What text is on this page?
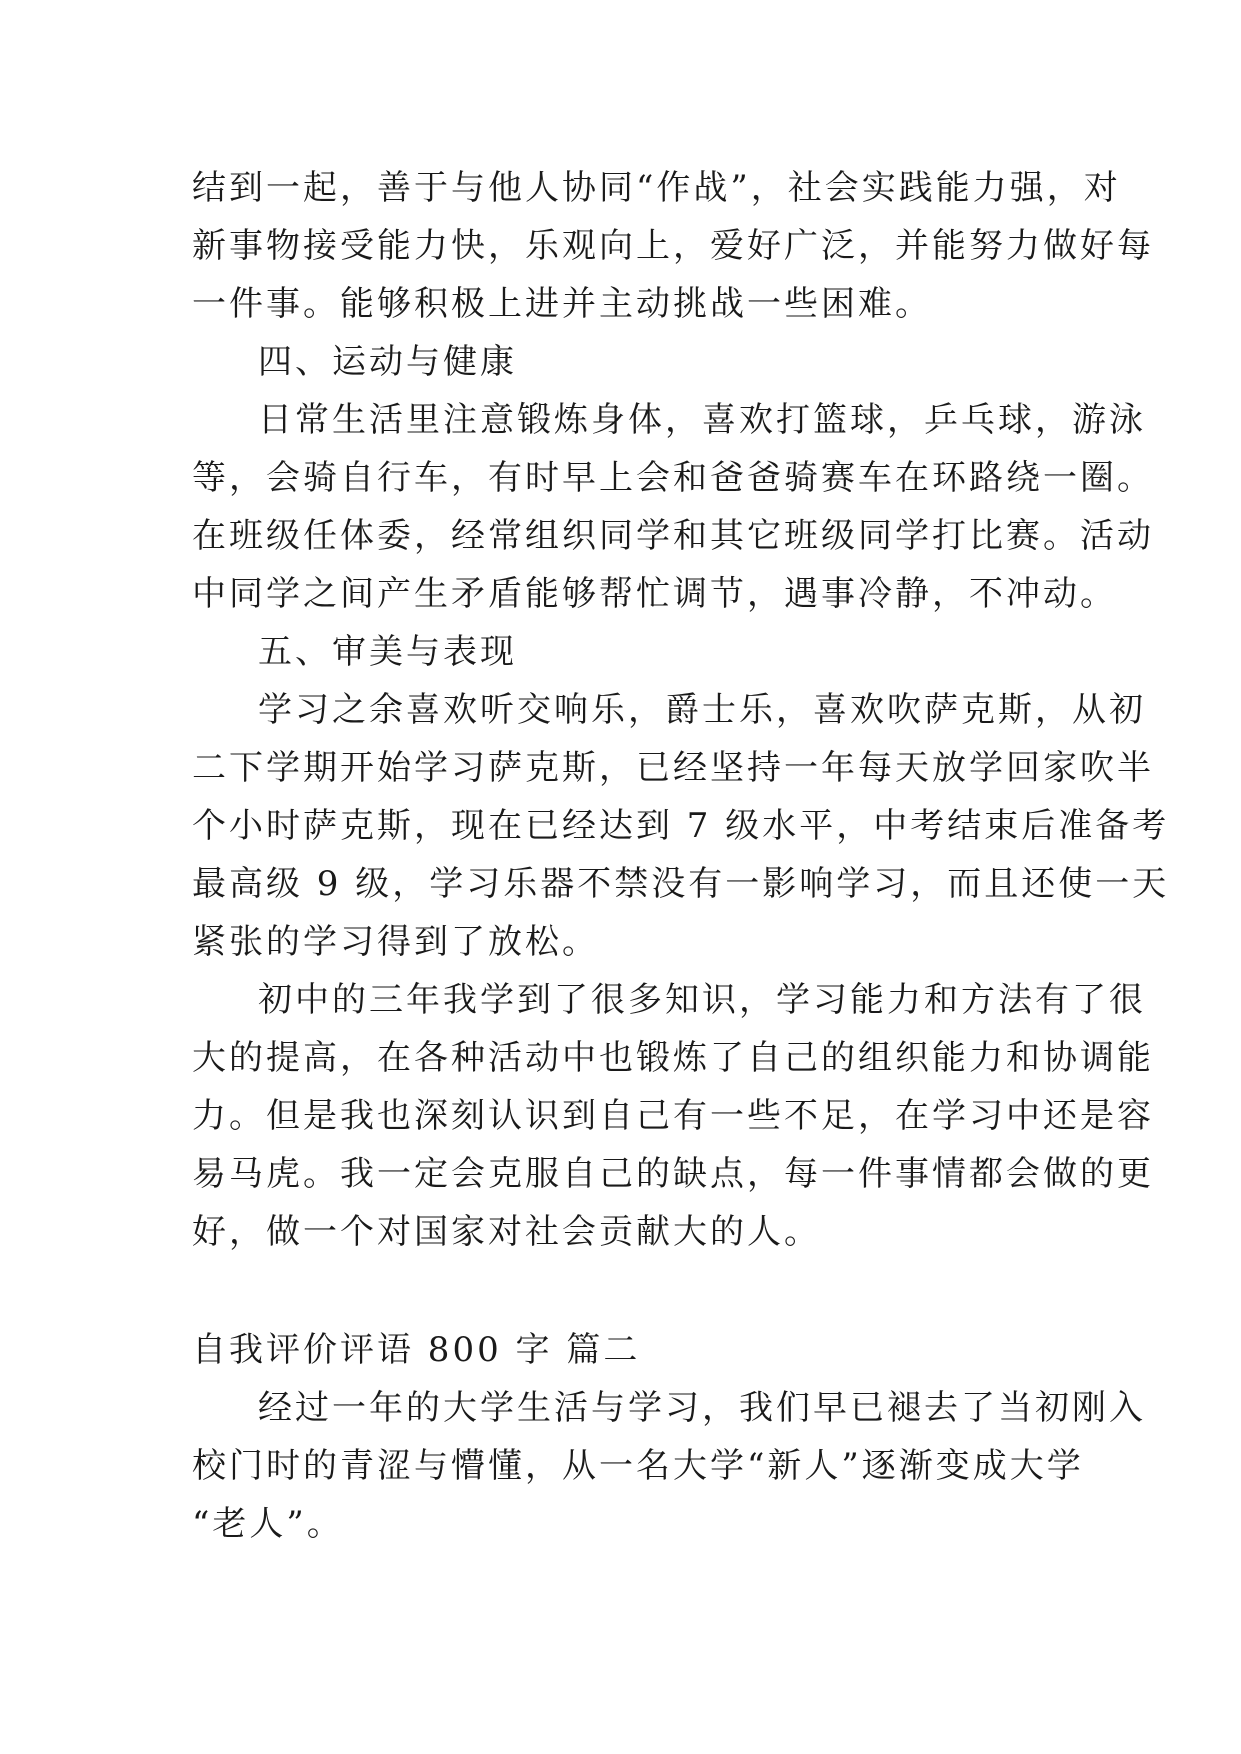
结到一起，善于与他人协同“作战”，社会实践能力强，对
新事物接受能力快，乐观向上，爱好广泛，并能努力做好每
一件事。能够积极上进并主动挑战一些困难。
四、运动与健康
日常生活里注意锻炼身体，喜欢打篮球，乒乓球，游泳
等，会骑自行车，有时早上会和爸爸骑赛车在环路绕一圈。
在班级任体委，经常组织同学和其它班级同学打比赛。活动
中同学之间产生矛盾能够帮忙调节，遇事冷静，不冲动。
五、审美与表现
学习之余喜欢听交响乐，爵士乐，喜欢吹萨克斯，从初
二下学期开始学习萨克斯，已经坚持一年每天放学回家吹半
个小时萨克斯，现在已经达到 7 级水平，中考结束后准备考
最高级 9 级，学习乐器不禁没有一影响学习，而且还使一天
紧张的学习得到了放松。
初中的三年我学到了很多知识，学习能力和方法有了很
大的提高，在各种活动中也锻炼了自己的组织能力和协调能
力。但是我也深刻认识到自己有一些不足，在学习中还是容
易马虎。我一定会克服自己的缺点，每一件事情都会做的更
好，做一个对国家对社会贡献大的人。
自我评价评语 800 字 篇二
经过一年的大学生活与学习，我们早已褪去了当初刚入
校门时的青涩与懵懂，从一名大学“新人”逐渐变成大学
“老人”。
